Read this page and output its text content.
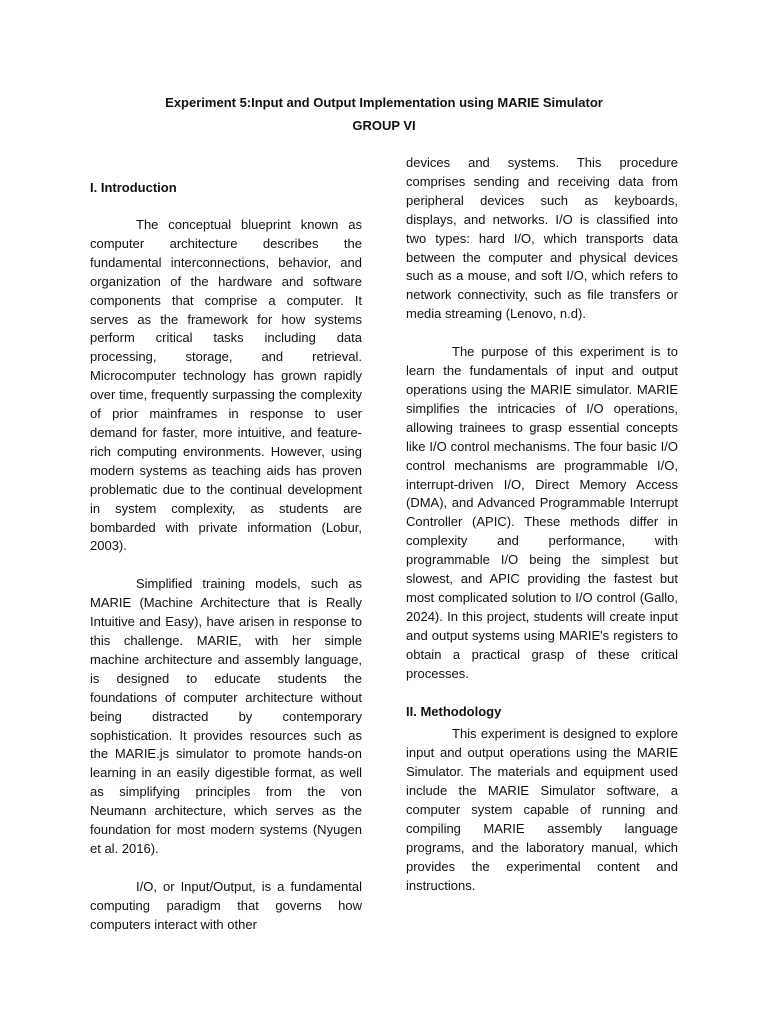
Experiment 5:Input and Output Implementation using MARIE Simulator
GROUP VI
I. Introduction

The conceptual blueprint known as computer architecture describes the fundamental interconnections, behavior, and organization of the hardware and software components that comprise a computer. It serves as the framework for how systems perform critical tasks including data processing, storage, and retrieval. Microcomputer technology has grown rapidly over time, frequently surpassing the complexity of prior mainframes in response to user demand for faster, more intuitive, and feature-rich computing environments. However, using modern systems as teaching aids has proven problematic due to the continual development in system complexity, as students are bombarded with private information (Lobur, 2003).

Simplified training models, such as MARIE (Machine Architecture that is Really Intuitive and Easy), have arisen in response to this challenge. MARIE, with her simple machine architecture and assembly language, is designed to educate students the foundations of computer architecture without being distracted by contemporary sophistication. It provides resources such as the MARIE.js simulator to promote hands-on learning in an easily digestible format, as well as simplifying principles from the von Neumann architecture, which serves as the foundation for most modern systems (Nyugen et al. 2016).

I/O, or Input/Output, is a fundamental computing paradigm that governs how computers interact with other

devices and systems. This procedure comprises sending and receiving data from peripheral devices such as keyboards, displays, and networks. I/O is classified into two types: hard I/O, which transports data between the computer and physical devices such as a mouse, and soft I/O, which refers to network connectivity, such as file transfers or media streaming (Lenovo, n.d).

The purpose of this experiment is to learn the fundamentals of input and output operations using the MARIE simulator. MARIE simplifies the intricacies of I/O operations, allowing trainees to grasp essential concepts like I/O control mechanisms. The four basic I/O control mechanisms are programmable I/O, interrupt-driven I/O, Direct Memory Access (DMA), and Advanced Programmable Interrupt Controller (APIC). These methods differ in complexity and performance, with programmable I/O being the simplest but slowest, and APIC providing the fastest but most complicated solution to I/O control (Gallo, 2024). In this project, students will create input and output systems using MARIE's registers to obtain a practical grasp of these critical processes.

II. Methodology

This experiment is designed to explore input and output operations using the MARIE Simulator. The materials and equipment used include the MARIE Simulator software, a computer system capable of running and compiling MARIE assembly language programs, and the laboratory manual, which provides the experimental content and instructions.
